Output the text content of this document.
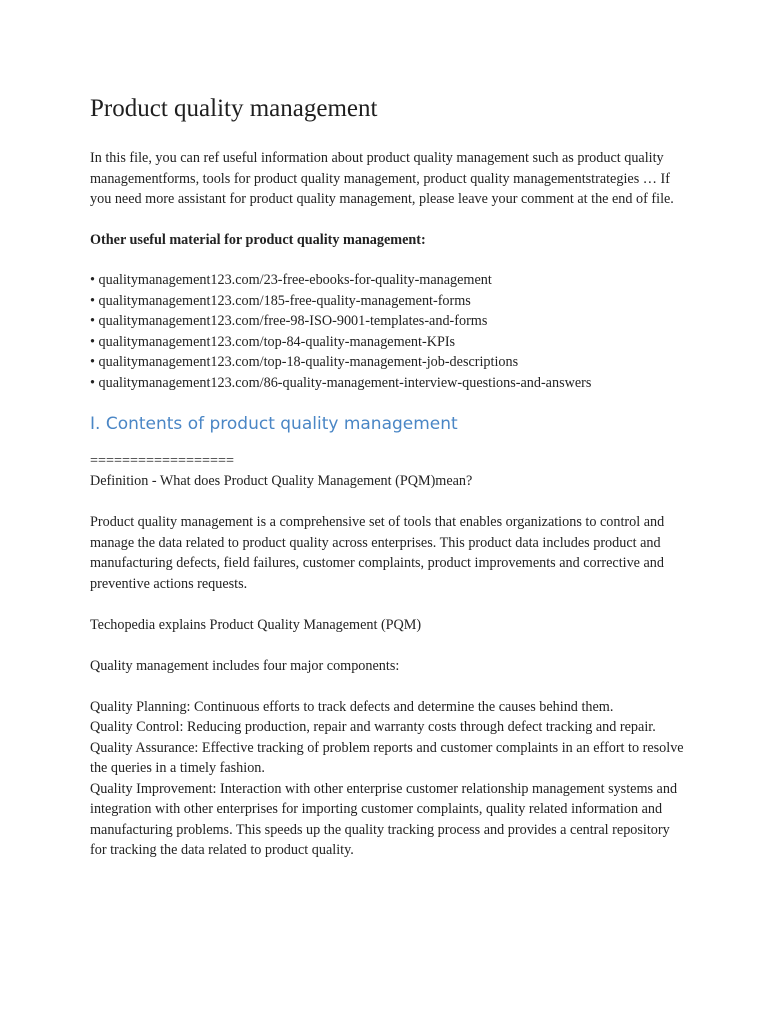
Product quality management

In this file, you can ref useful information about product quality management such as product quality managementforms, tools for product quality management, product quality managementstrategies … If you need more assistant for product quality management, please leave your comment at the end of file.

Other useful material for product quality management:

• qualitymanagement123.com/23-free-ebooks-for-quality-management
• qualitymanagement123.com/185-free-quality-management-forms
• qualitymanagement123.com/free-98-ISO-9001-templates-and-forms
• qualitymanagement123.com/top-84-quality-management-KPIs
• qualitymanagement123.com/top-18-quality-management-job-descriptions
• qualitymanagement123.com/86-quality-management-interview-questions-and-answers
I. Contents of product quality management

==================

Definition - What does Product Quality Management (PQM)mean?

Product quality management is a comprehensive set of tools that enables organizations to control and manage the data related to product quality across enterprises. This product data includes product and manufacturing defects, field failures, customer complaints, product improvements and corrective and preventive actions requests.

Techopedia explains Product Quality Management (PQM)

Quality management includes four major components:

Quality Planning: Continuous efforts to track defects and determine the causes behind them.

Quality Control: Reducing production, repair and warranty costs through defect tracking and repair.

Quality Assurance: Effective tracking of problem reports and customer complaints in an effort to resolve the queries in a timely fashion.

Quality Improvement: Interaction with other enterprise customer relationship management systems and integration with other enterprises for importing customer complaints, quality related information and manufacturing problems. This speeds up the quality tracking process and provides a central repository for tracking the data related to product quality.
